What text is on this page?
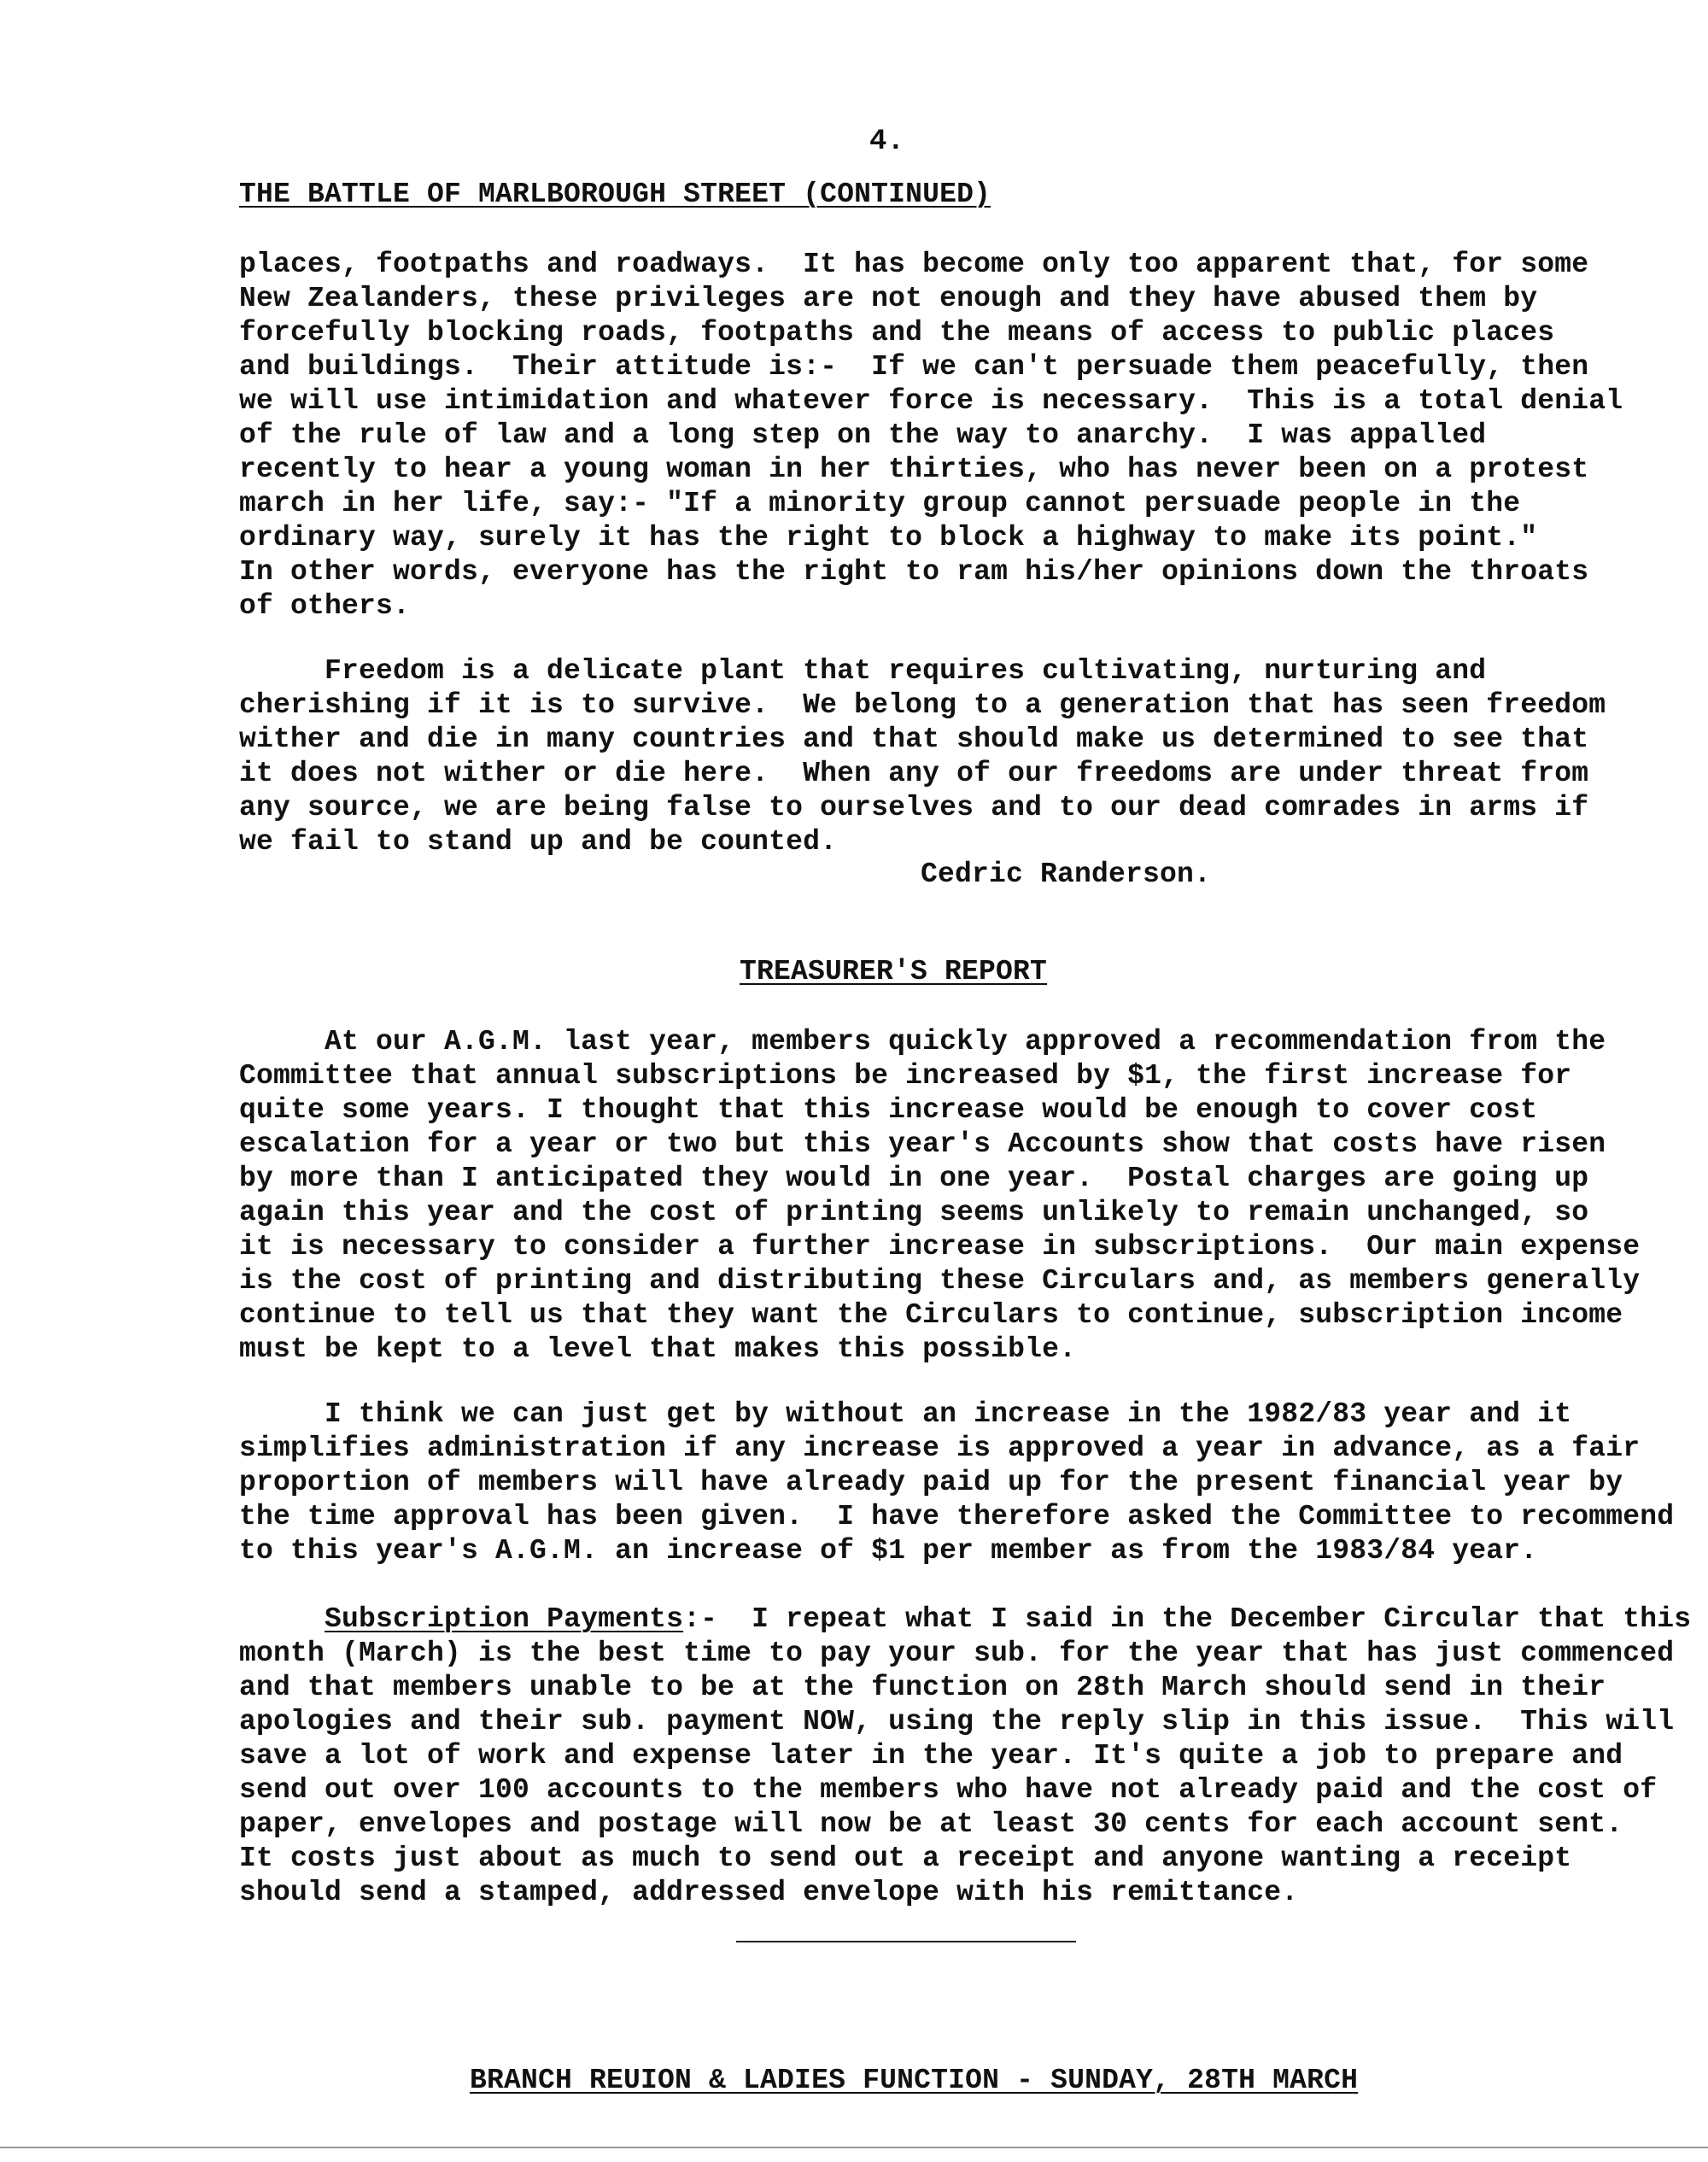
4.
THE BATTLE OF MARLBOROUGH STREET (CONTINUED)
places, footpaths and roadways.  It has become only too apparent that, for some
New Zealanders, these privileges are not enough and they have abused them by
forcefully blocking roads, footpaths and the means of access to public places
and buildings.  Their attitude is:-  If we can't persuade them peacefully, then
we will use intimidation and whatever force is necessary.  This is a total denial
of the rule of law and a long step on the way to anarchy.  I was appalled
recently to hear a young woman in her thirties, who has never been on a protest
march in her life, say:- "If a minority group cannot persuade people in the
ordinary way, surely it has the right to block a highway to make its point."
In other words, everyone has the right to ram his/her opinions down the throats
of others.
Freedom is a delicate plant that requires cultivating, nurturing and
cherishing if it is to survive.  We belong to a generation that has seen freedom
wither and die in many countries and that should make us determined to see that
it does not wither or die here.  When any of our freedoms are under threat from
any source, we are being false to ourselves and to our dead comrades in arms if
we fail to stand up and be counted.
Cedric Randerson.
TREASURER'S REPORT
At our A.G.M. last year, members quickly approved a recommendation from the
Committee that annual subscriptions be increased by $1, the first increase for
quite some years. I thought that this increase would be enough to cover cost
escalation for a year or two but this year's Accounts show that costs have risen
by more than I anticipated they would in one year.  Postal charges are going up
again this year and the cost of printing seems unlikely to remain unchanged, so
it is necessary to consider a further increase in subscriptions.  Our main expense
is the cost of printing and distributing these Circulars and, as members generally
continue to tell us that they want the Circulars to continue, subscription income
must be kept to a level that makes this possible.
I think we can just get by without an increase in the 1982/83 year and it
simplifies administration if any increase is approved a year in advance, as a fair
proportion of members will have already paid up for the present financial year by
the time approval has been given.  I have therefore asked the Committee to recommend
to this year's A.G.M. an increase of $1 per member as from the 1983/84 year.
Subscription Payments:-  I repeat what I said in the December Circular that this
month (March) is the best time to pay your sub. for the year that has just commenced
and that members unable to be at the function on 28th March should send in their
apologies and their sub. payment NOW, using the reply slip in this issue.  This will
save a lot of work and expense later in the year. It's quite a job to prepare and
send out over 100 accounts to the members who have not already paid and the cost of
paper, envelopes and postage will now be at least 30 cents for each account sent.
It costs just about as much to send out a receipt and anyone wanting a receipt
should send a stamped, addressed envelope with his remittance.
BRANCH REUION & LADIES FUNCTION - SUNDAY, 28TH MARCH
